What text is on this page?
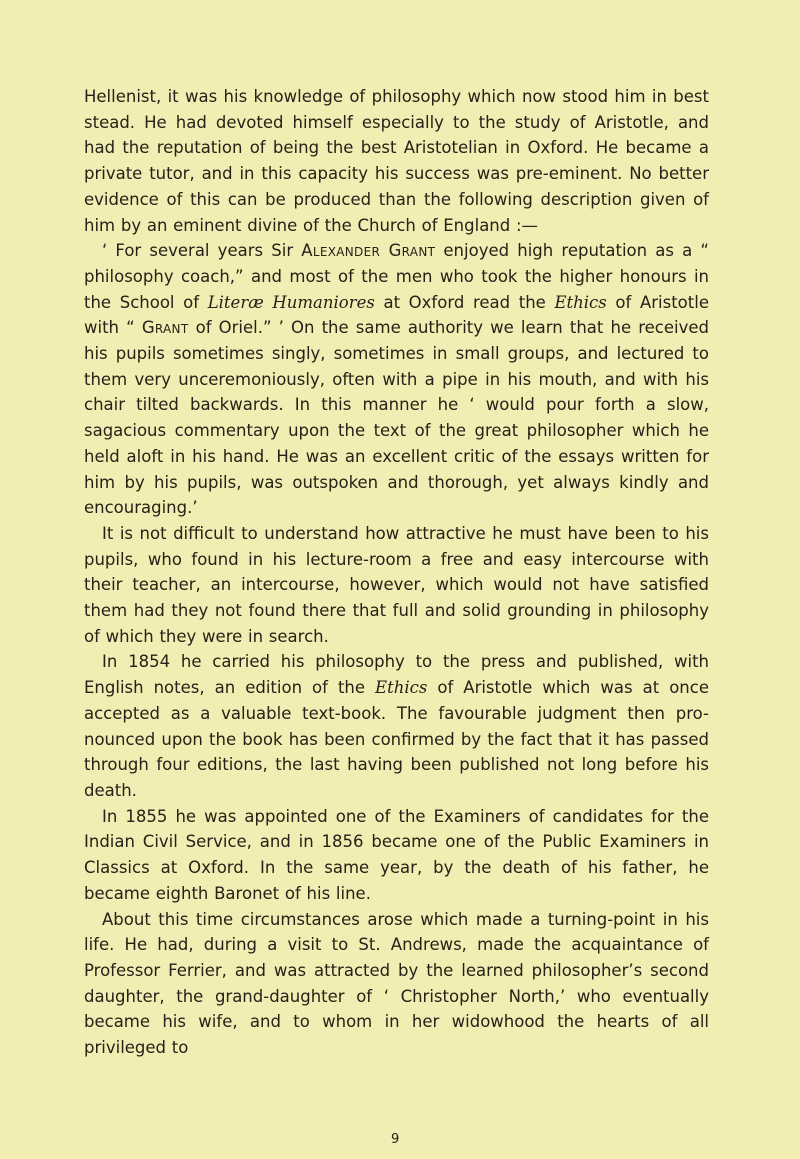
Hellenist, it was his knowledge of philosophy which now stood him in best stead. He had devoted himself especially to the study of Aristotle, and had the reputation of being the best Aristotelian in Oxford. He became a private tutor, and in this capacity his success was pre-eminent. No better evidence of this can be produced than the following description given of him by an eminent divine of the Church of England :—

‘ For several years Sir Alexander Grant enjoyed high reputation as a “ philosophy coach,” and most of the men who took the higher honours in the School of Literæ Humaniores at Oxford read the Ethics of Aristotle with “ Grant of Oriel.” ’ On the same authority we learn that he received his pupils sometimes singly, sometimes in small groups, and lectured to them very unceremoniously, often with a pipe in his mouth, and with his chair tilted backwards. In this manner he ‘ would pour forth a slow, sagacious commentary upon the text of the great philosopher which he held aloft in his hand. He was an excellent critic of the essays written for him by his pupils, was outspoken and thorough, yet always kindly and encouraging.’

It is not difficult to understand how attractive he must have been to his pupils, who found in his lecture-room a free and easy intercourse with their teacher, an intercourse, however, which would not have satisfied them had they not found there that full and solid grounding in philosophy of which they were in search.

In 1854 he carried his philosophy to the press and published, with English notes, an edition of the Ethics of Aristotle which was at once accepted as a valuable text-book. The favourable judgment then pro- nounced upon the book has been confirmed by the fact that it has passed through four editions, the last having been published not long before his death.

In 1855 he was appointed one of the Examiners of candidates for the Indian Civil Service, and in 1856 became one of the Public Examiners in Classics at Oxford. In the same year, by the death of his father, he became eighth Baronet of his line.

About this time circumstances arose which made a turning-point in his life. He had, during a visit to St. Andrews, made the acquaintance of Professor Ferrier, and was attracted by the learned philosopher’s second daughter, the grand-daughter of ‘ Christopher North,’ who eventually became his wife, and to whom in her widowhood the hearts of all privileged to

9
